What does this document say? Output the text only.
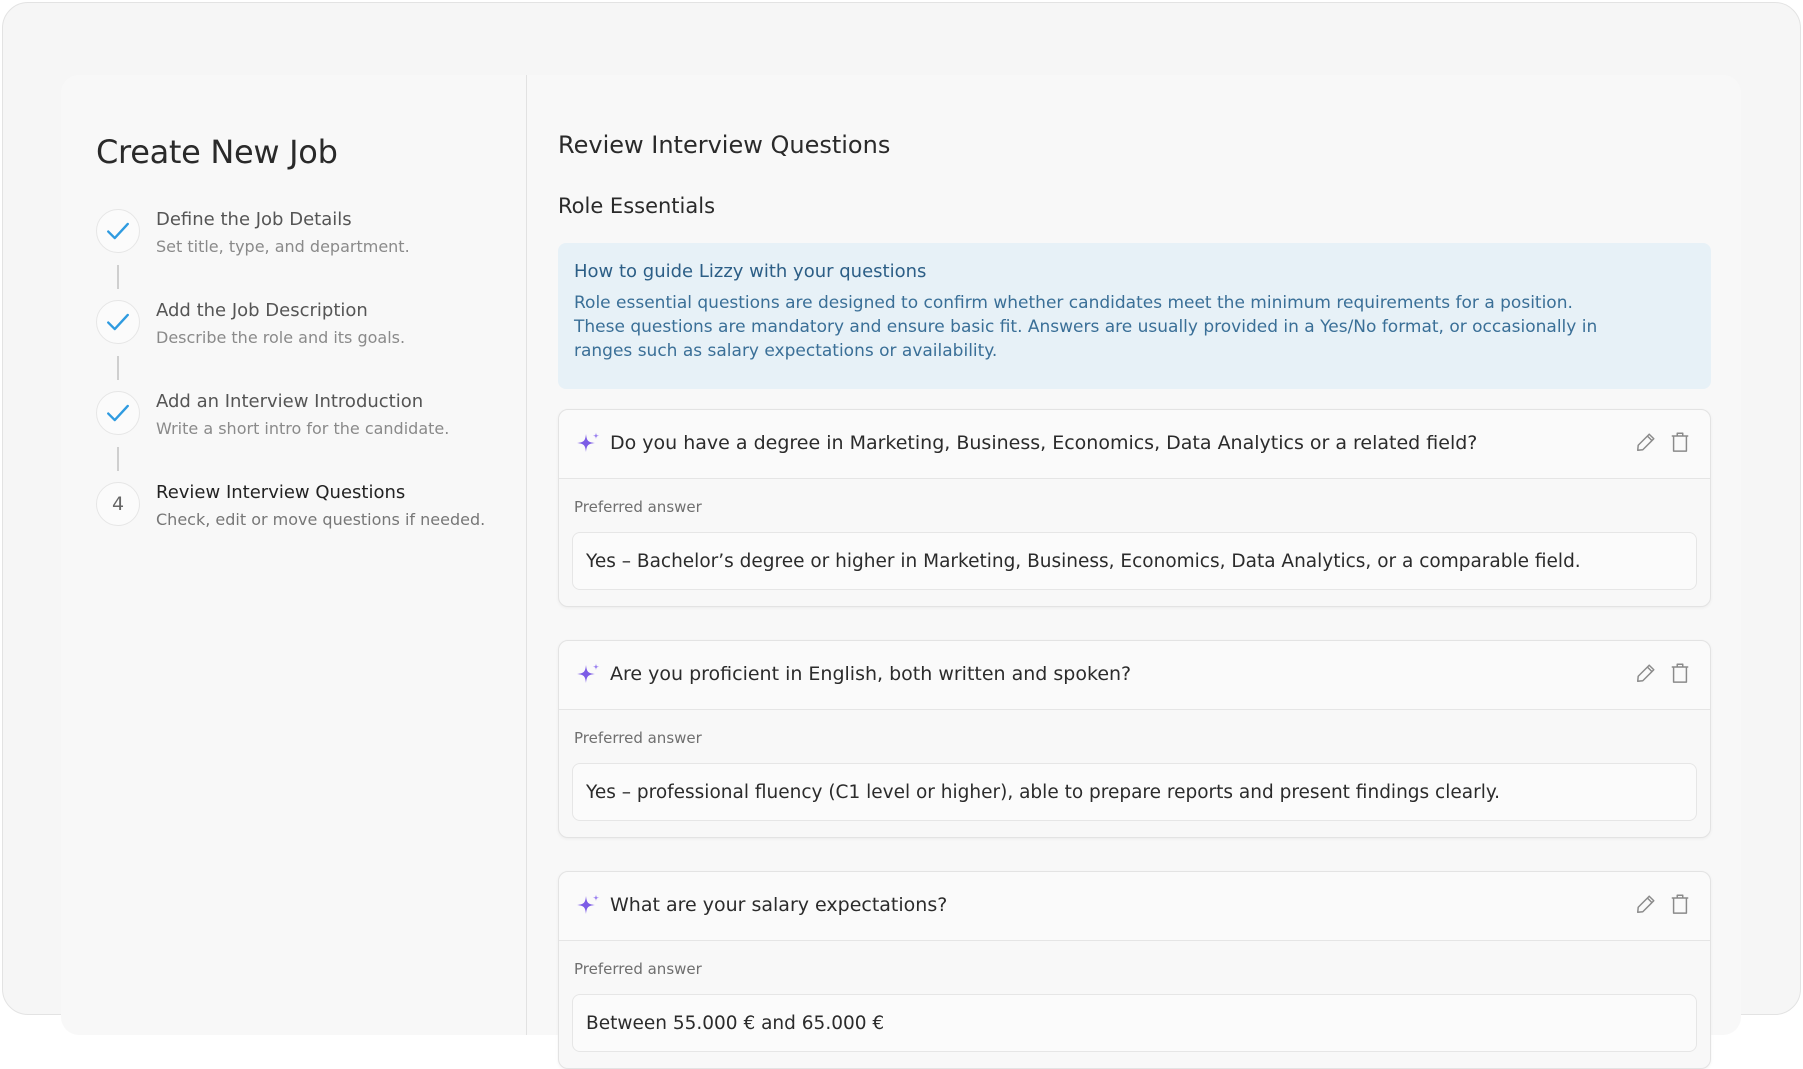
Create New Job
Define the Job Details
Set title, type, and department.
Add the Job Description
Describe the role and its goals.
Add an Interview Introduction
Write a short intro for the candidate.
4
Review Interview Questions
Check, edit or move questions if needed.
Review Interview Questions
Role Essentials
How to guide Lizzy with your questions
Role essential questions are designed to confirm whether candidates meet the minimum requirements for a position. These questions are mandatory and ensure basic fit. Answers are usually provided in a Yes/No format, or occasionally in ranges such as salary expectations or availability.
Do you have a degree in Marketing, Business, Economics, Data Analytics or a related field?
Preferred answer
Yes – Bachelor’s degree or higher in Marketing, Business, Economics, Data Analytics, or a comparable field.
Are you proficient in English, both written and spoken?
Preferred answer
Yes – professional fluency (C1 level or higher), able to prepare reports and present findings clearly.
What are your salary expectations?
Preferred answer
Between 55.000 € and 65.000 €
